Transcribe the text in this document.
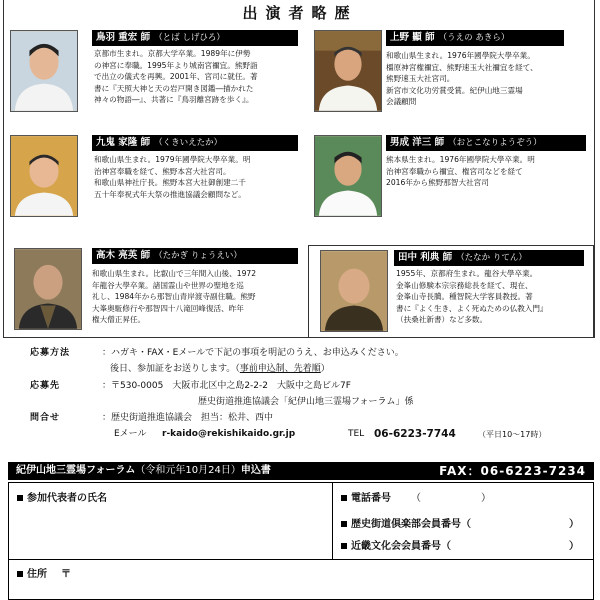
出演者略歴
鳥羽 重宏 師 （とば しげひろ）
京都市生まれ。京都大学卒業。1989年に伊勢
の神宮に奉職。1995年より城南宮禰宜。熊野詣
で出立の儀式を再興。2001年、宮司に就任。著
書に『天照大神と天の岩戸開き図鑑―描かれた
神々の物語―』、共著に『鳥羽離宮跡を歩く』。
上野 顯 師 （うえの あきら）
和歌山県生まれ。1976年國學院大學卒業。
橿原神宮権禰宜、熊野速玉大社禰宜を経て、
熊野速玉大社宮司。
新宮市文化功労賞受賞。紀伊山地三霊場
会議顧問
九鬼 家隆 師 （くきいえたか）
和歌山県生まれ。1979年國學院大學卒業。明
治神宮奉職を経て、熊野本宮大社宮司。
和歌山県神社庁長。熊野本宮大社御創建二千
五十年奉祝式年大祭の推進協議会顧問など。
男成 洋三 師 （おとこなりようぞう）
熊本県生まれ。1976年國學院大學卒業。明
治神宮奉職から禰宜、権宮司などを経て
2016年から熊野那智大社宮司
高木 亮英 師 （たかぎ りょうえい）
和歌山県生まれ。比叡山で三年間入山後、1972
年龍谷大學卒業。諸国霊山や世界の聖地を巡
礼し、1984年から那智山青岸渡寺副住職。熊野
大峯奥駈修行や那智四十八滝回峰復活、昨年
権大僧正昇任。
田中 利典 師 （たなか りてん）
1955年、京都府生まれ。龍谷大學卒業。
金峯山修験本宗宗務総長を経て、現在、
金峯山寺長臈。種智院大学客員教授。著
書に『よく生き、よく死ぬための仏教入門』
（扶桑社新書）など多数。
応募方法	：ハガキ・FAX・Eメールで下記の事項を明記のうえ、お申込みください。
後日、参加証をお送りします。（事前申込制、先着順）
応募先	：〒530-0005　大阪市北区中之島2-2-2　大阪中之島ビル7F
歴史街道推進協議会「紀伊山地三霊場フォーラム」係
問合せ	：歴史街道推進協議会　担当：松井、西中
Eメール r-kaido@rekishikaido.gr.jp	TEL 06-6223-7744	（平日10〜17時）
紀伊山地三霊場フォーラム（令和元年10月24日）申込書	FAX：06-6223-7234
参加代表者の氏名	電話番号 （　　　　　　）
歴史街道倶楽部会員番号（	）
近畿文化会会員番号（	）
住所 〒
